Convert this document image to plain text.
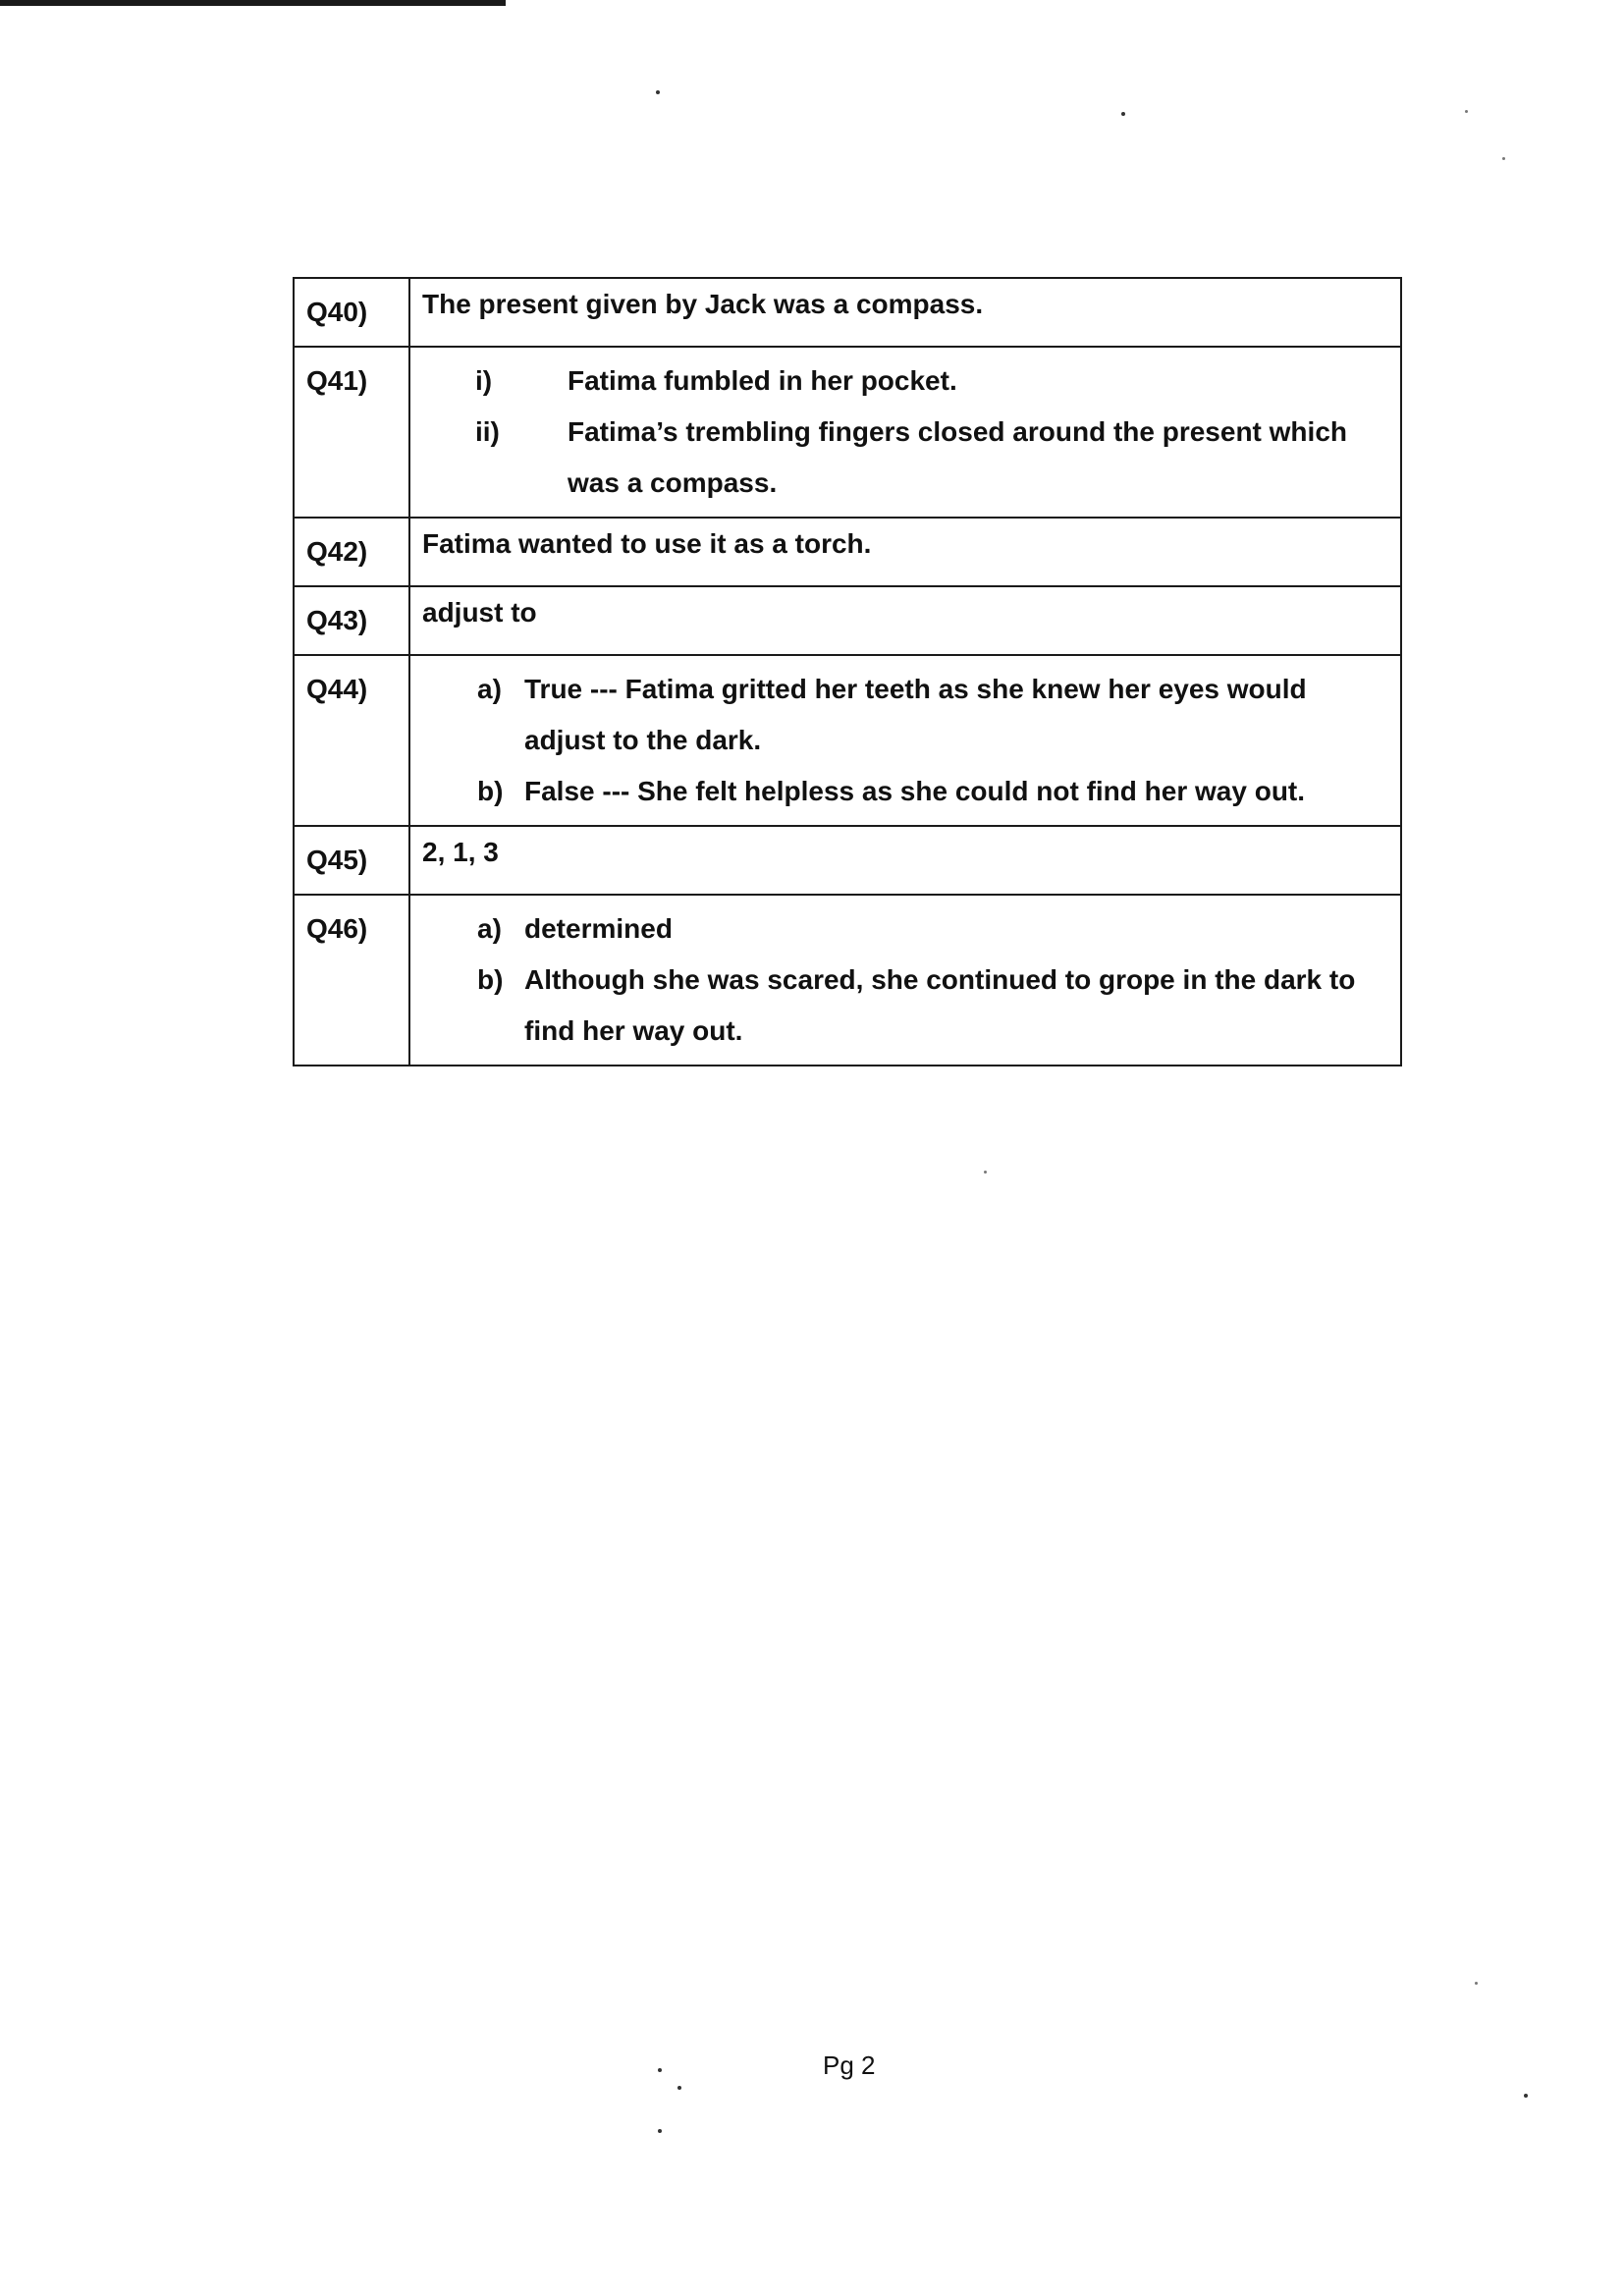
Q40)	The present given by Jack was a compass.

Q41)	i) Fatima fumbled in her pocket.
ii) Fatima’s trembling fingers closed around the present which was a compass.

Q42)	Fatima wanted to use it as a torch.

Q43)	adjust to

Q44)	a) True --- Fatima gritted her teeth as she knew her eyes would adjust to the dark.
b) False --- She felt helpless as she could not find her way out.

Q45)	2, 1, 3

Q46)	a) determined
b) Although she was scared, she continued to grope in the dark to find her way out.
Pg 2
